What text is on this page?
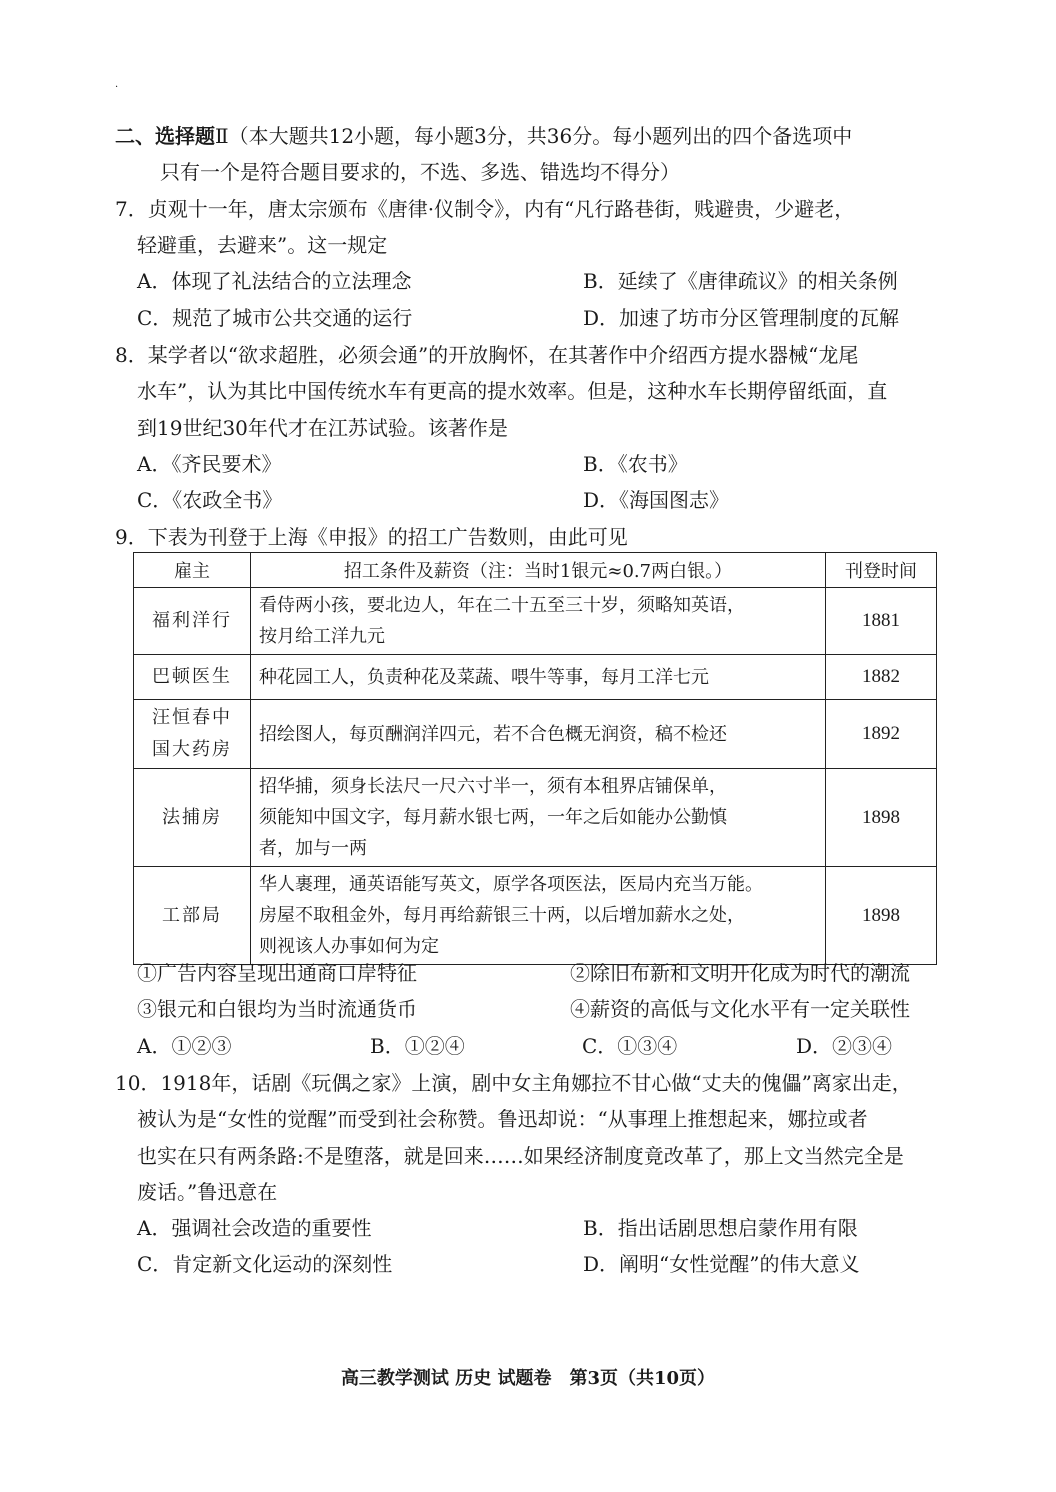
·
二、选择题Ⅱ（本大题共12小题，每小题3分，共36分。每小题列出的四个备选项中
只有一个是符合题目要求的，不选、多选、错选均不得分）
7．贞观十一年，唐太宗颁布《唐律·仪制令》，内有“凡行路巷街，贱避贵，少避老，
轻避重，去避来”。这一规定
A．体现了礼法结合的立法理念	B．延续了《唐律疏议》的相关条例
C．规范了城市公共交通的运行	D．加速了坊市分区管理制度的瓦解
8．某学者以“欲求超胜，必须会通”的开放胸怀，在其著作中介绍西方提水器械“龙尾
水车”，认为其比中国传统水车有更高的提水效率。但是，这种水车长期停留纸面，直
到19世纪30年代才在江苏试验。该著作是
A．《齐民要术》	B．《农书》
C．《农政全书》	D．《海国图志》
9．下表为刊登于上海《申报》的招工广告数则，由此可见
雇主	招工条件及薪资（注：当时1银元≈0.7两白银。）	刊登时间

福利洋行	看侍两小孩，要北边人，年在二十五至三十岁，须略知英语，
按月给工洋九元	1881

巴顿医生	种花园工人，负责种花及菜蔬、喂牛等事，每月工洋七元	1882

汪恒春中
国大药房	招绘图人，每页酬润洋四元，若不合色概无润资，稿不检还	1892

法捕房	招华捕，须身长法尺一尺六寸半一，须有本租界店铺保单，
须能知中国文字，每月薪水银七两，一年之后如能办公勤慎
者，加与一两	1898

工部局	华人裹理，通英语能写英文，原学各项医法，医局内充当万能。
房屋不取租金外，每月再给薪银三十两，以后增加薪水之处，
则视该人办事如何为定	1898
①广告内容呈现出通商口岸特征	②除旧布新和文明开化成为时代的潮流
③银元和白银均为当时流通货币	④薪资的高低与文化水平有一定关联性
A．①②③	B．①②④	C．①③④	D．②③④
10．1918年，话剧《玩偶之家》上演，剧中女主角娜拉不甘心做“丈夫的傀儡”离家出走，
被认为是“女性的觉醒”而受到社会称赞。鲁迅却说：“从事理上推想起来，娜拉或者
也实在只有两条路:不是堕落，就是回来……如果经济制度竟改革了，那上文当然完全是
废话。”鲁迅意在
A．强调社会改造的重要性	B．指出话剧思想启蒙作用有限
C．肯定新文化运动的深刻性	D．阐明“女性觉醒”的伟大意义
高三教学测试 历史 试题卷　第3页（共10页）
